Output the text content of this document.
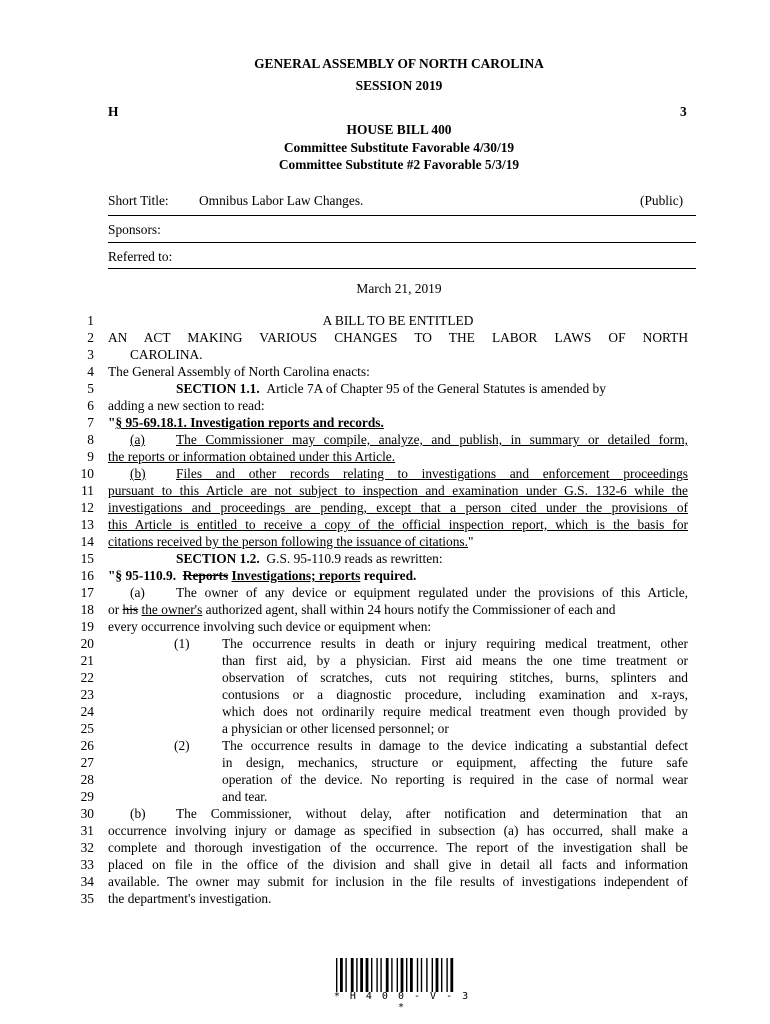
GENERAL ASSEMBLY OF NORTH CAROLINA
SESSION 2019
H	3
HOUSE BILL 400
Committee Substitute Favorable 4/30/19
Committee Substitute #2 Favorable 5/3/19
Short Title: Omnibus Labor Law Changes.	(Public)
Sponsors:
Referred to:
March 21, 2019
1
2
3
4
5
6
7
8
9
10
11
12
13
14
15
16
17
18
19
20
21
22
23
24
25
26
27
28
29
30
31
32
33
34
35
A BILL TO BE ENTITLED
AN ACT MAKING VARIOUS CHANGES TO THE LABOR LAWS OF NORTH
CAROLINA.
The General Assembly of North Carolina enacts:
SECTION 1.1. Article 7A of Chapter 95 of the General Statutes is amended by
adding a new section to read:
"§ 95-69.18.1. Investigation reports and records.
(a)	The Commissioner may compile, analyze, and publish, in summary or detailed form,
the reports or information obtained under this Article.
(b)	Files and other records relating to investigations and enforcement proceedings
pursuant to this Article are not subject to inspection and examination under G.S. 132-6 while the
investigations and proceedings are pending, except that a person cited under the provisions of
this Article is entitled to receive a copy of the official inspection report, which is the basis for
citations received by the person following the issuance of citations."
SECTION 1.2. G.S. 95-110.9 reads as rewritten:
"§ 95-110.9. Reports Investigations; reports required.
(a)	The owner of any device or equipment regulated under the provisions of this Article,
or his the owner's authorized agent, shall within 24 hours notify the Commissioner of each and
every occurrence involving such device or equipment when:
(1)	The occurrence results in death or injury requiring medical treatment, other
than first aid, by a physician. First aid means the one time treatment or
observation of scratches, cuts not requiring stitches, burns, splinters and
contusions or a diagnostic procedure, including examination and x-rays,
which does not ordinarily require medical treatment even though provided by
a physician or other licensed personnel; or
(2)	The occurrence results in damage to the device indicating a substantial defect
in design, mechanics, structure or equipment, affecting the future safe
operation of the device. No reporting is required in the case of normal wear
and tear.
(b)	The Commissioner, without delay, after notification and determination that an
occurrence involving injury or damage as specified in subsection (a) has occurred, shall make a
complete and thorough investigation of the occurrence. The report of the investigation shall be
placed on file in the office of the division and shall give in detail all facts and information
available. The owner may submit for inclusion in the file results of investigations independent of
the department's investigation.
* H 4 0 0 - V - 3 *
